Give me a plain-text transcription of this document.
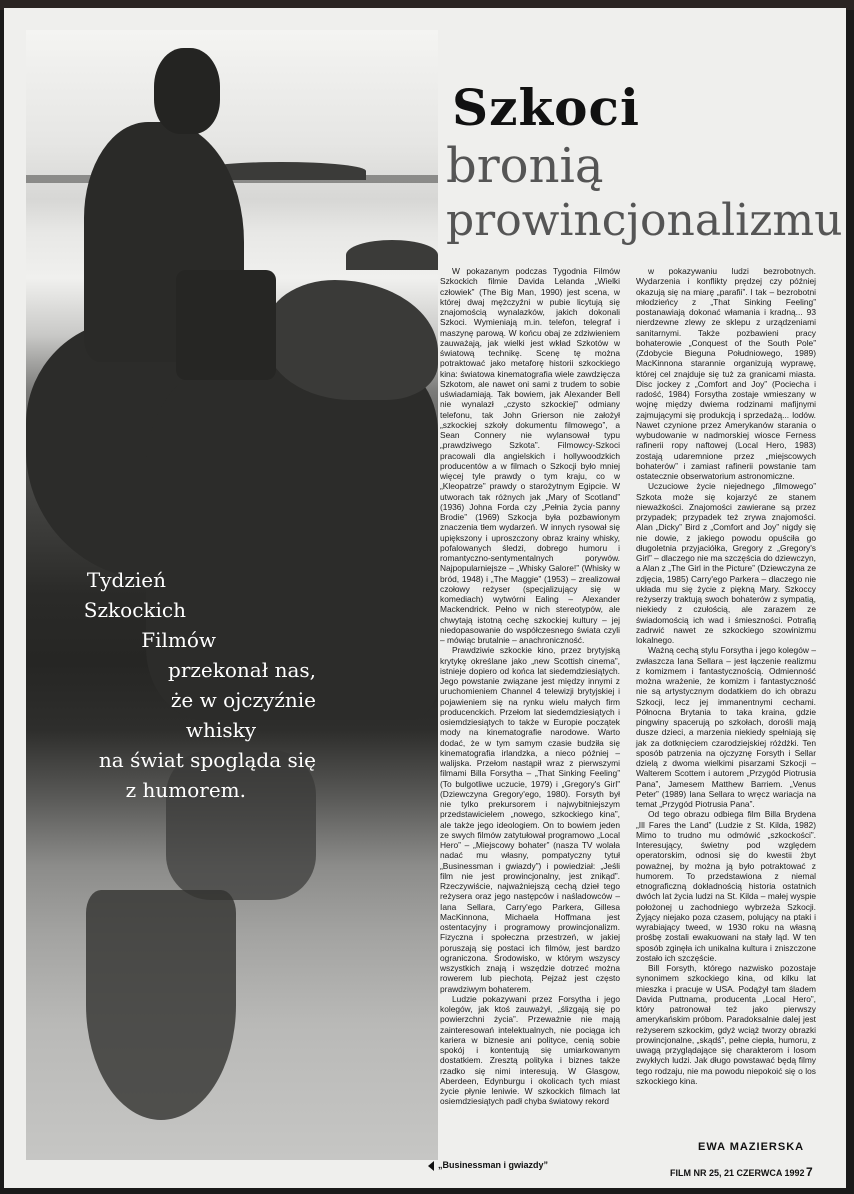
Tydzień
Szkockich
Filmów
przekonał nas,
że w ojczyźnie
whisky
na świat spogląda się
z humorem.
Szkoci
bronią
prowincjonalizmu

W pokazanym podczas Tygodnia Filmów Szkockich filmie Davida Lelanda „Wielki człowiek” (The Big Man, 1990) jest scena, w której dwaj mężczyźni w pubie licytują się znajomością wynalazków, jakich dokonali Szkoci. Wymieniają m.in. telefon, telegraf i maszynę parową. W końcu obaj ze zdziwieniem zauważają, jak wielki jest wkład Szkotów w światową technikę. Scenę tę można potraktować jako metaforę historii szkockiego kina: światowa kinematografia wiele zawdzięcza Szkotom, ale nawet oni sami z trudem to sobie uświadamiają. Tak bowiem, jak Alexander Bell nie wynalazł „czysto szkockiej” odmiany telefonu, tak John Grierson nie założył „szkockiej szkoły dokumentu filmowego”, a Sean Connery nie wylansował typu „prawdziwego Szkota”. Filmowcy-Szkoci pracowali dla angielskich i hollywoodzkich producentów a w filmach o Szkocji było mniej więcej tyle prawdy o tym kraju, co w „Kleopatrze” prawdy o starożytnym Egipcie. W utworach tak różnych jak „Mary of Scotland” (1936) Johna Forda czy „Pełnia życia panny Brodie” (1969) Szkocja była pozbawionym znaczenia tłem wydarzeń. W innych rysował się upiększony i uproszczony obraz krainy whisky, pofalowanych śledzi, dobrego humoru i romantyczno-sentymentalnych porywów. Najpopularniejsze – „Whisky Galore!” (Whisky w bród, 1948) i „The Maggie” (1953) – zrealizował czołowy reżyser (specjalizujący się w komediach) wytwórni Ealing – Alexander Mackendrick. Pełno w nich stereotypów, ale chwytają istotną cechę szkockiej kultury – jej niedopasowanie do współczesnego świata czyli – mówiąc brutalnie – anachroniczność.

Prawdziwie szkockie kino, przez brytyjską krytykę określane jako „new Scottish cinema”, istnieje dopiero od końca lat siedemdziesiątych. Jego powstanie związane jest między innymi z uruchomieniem Channel 4 telewizji brytyjskiej i pojawieniem się na rynku wielu małych firm producenckich. Przełom lat siedemdziesiątych i osiemdziesiątych to także w Europie początek mody na kinematografie narodowe. Warto dodać, że w tym samym czasie budziła się kinematografia irlandzka, a nieco później – walijska. Przełom nastąpił wraz z pierwszymi filmami Billa Forsytha – „That Sinking Feeling” (To bulgotliwe uczucie, 1979) i „Gregory's Girl” (Dziewczyna Gregory'ego, 1980). Forsyth był nie tylko prekursorem i najwybitniejszym przedstawicielem „nowego, szkockiego kina”, ale także jego ideologiem. On to bowiem jeden ze swych filmów zatytułował programowo „Local Hero” – „Miejscowy bohater” (nasza TV wolała nadać mu własny, pompatyczny tytuł „Businessman i gwiazdy”) i powiedział: „Jeśli film nie jest prowincjonalny, jest znikąd”. Rzeczywiście, najważniejszą cechą dzieł tego reżysera oraz jego następców i naśladowców – Iana Sellara, Carry'ego Parkera, Gillesa MacKinnona, Michaela Hoffmana jest ostentacyjny i programowy prowincjonalizm. Fizyczna i społeczna przestrzeń, w jakiej poruszają się postaci ich filmów, jest bardzo ograniczona. Środowisko, w którym wszyscy wszystkich znają i wszędzie dotrzeć można rowerem lub piechotą. Pejzaż jest często prawdziwym bohaterem.

Ludzie pokazywani przez Forsytha i jego kolegów, jak ktoś zauważył, „ślizgają się po powierzchni życia”. Przeważnie nie mają zainteresowań intelektualnych, nie pociąga ich kariera w biznesie ani polityce, cenią sobie spokój i kontentują się umiarkowanym dostatkiem. Zresztą polityka i biznes także rzadko się nimi interesują. W Glasgow, Aberdeen, Edynburgu i okolicach tych miast życie płynie leniwie. W szkockich filmach lat osiemdziesiątych padł chyba światowy rekord

w pokazywaniu ludzi bezrobotnych. Wydarzenia i konflikty prędzej czy później okazują się na miarę „parafii”. I tak – bezrobotni młodzieńcy z „That Sinking Feeling” postanawiają dokonać włamania i kradną... 93 nierdzewne zlewy ze sklepu z urządzeniami sanitarnymi. Także pozbawieni pracy bohaterowie „Conquest of the South Pole” (Zdobycie Bieguna Południowego, 1989) MacKinnona starannie organizują wyprawę, której cel znajduje się tuż za granicami miasta. Disc jockey z „Comfort and Joy” (Pociecha i radość, 1984) Forsytha zostaje wmieszany w wojnę między dwiema rodzinami mafijnymi zajmującymi się produkcją i sprzedażą... lodów. Nawet czynione przez Amerykanów starania o wybudowanie w nadmorskiej wiosce Ferness rafinerii ropy naftowej (Local Hero, 1983) zostają udaremnione przez „miejscowych bohaterów” i zamiast rafinerii powstanie tam ostatecznie obserwatorium astronomiczne.

Uczuciowe życie niejednego „filmowego” Szkota może się kojarzyć ze stanem nieważkości. Znajomości zawierane są przez przypadek; przypadek też zrywa znajomości. Alan „Dicky” Bird z „Comfort and Joy” nigdy się nie dowie, z jakiego powodu opuściła go długoletnia przyjaciółka, Gregory z „Gregory's Girl” – dlaczego nie ma szczęścia do dziewczyn, a Alan z „The Girl in the Picture” (Dziewczyna ze zdjęcia, 1985) Carry'ego Parkera – dlaczego nie układa mu się życie z piękną Mary. Szkoccy reżyserzy traktują swoch bohaterów z sympatią, niekiedy z czułością, ale zarazem ze świadomością ich wad i śmieszności. Potrafią zadrwić nawet ze szkockiego szowinizmu lokalnego.

Ważną cechą stylu Forsytha i jego kolegów – zwłaszcza Iana Sellara – jest łączenie realizmu z komizmem i fantastycznością. Odmienność można wrażenie, że komizm i fantastyczność nie są artystycznym dodatkiem do ich obrazu Szkocji, lecz jej immanentnymi cechami. Północna Brytania to taka kraina, gdzie pingwiny spacerują po szkołach, dorośli mają dusze dzieci, a marzenia niekiedy spełniają się jak za dotknięciem czarodziejskiej różdżki. Ten sposób patrzenia na ojczyznę Forsyth i Sellar dzielą z dwoma wielkimi pisarzami Szkocji – Walterem Scottem i autorem „Przygód Piotrusia Pana”, Jamesem Matthew Barriem. „Venus Peter” (1989) Iana Sellara to wręcz wariacja na temat „Przygód Piotrusia Pana”.

Od tego obrazu odbiega film Billa Brydena „Ill Fares the Land” (Ludzie z St. Kilda, 1982) Mimo to trudno mu odmówić „szkockości”. Interesujący, świetny pod względem operatorskim, odnosi się do kwestii żbyt poważnej, by można ją było potraktować z humorem. To przedstawiona z niemal etnograficzną dokładnością historia ostatnich dwóch lat życia ludzi na St. Kilda – małej wyspie położonej u zachodniego wybrzeża Szkocji. Żyjący niejako poza czasem, polujący na ptaki i wyrabiający tweed, w 1930 roku na własną prośbę zostali ewakuowani na stały ląd. W ten sposób zginęła ich unikalna kultura i zniszczone zostało ich szczęście.

Bill Forsyth, którego nazwisko pozostaje synonimem szkockiego kina, od kilku lat mieszka i pracuje w USA. Podążył tam śladem Davida Puttnama, producenta „Local Hero”, który patronował też jako pierwszy amerykańskim próbom. Paradoksalnie dalej jest reżyserem szkockim, gdyż wciąż tworzy obrazki prowincjonalne, „skądś”, pełne ciepła, humoru, z uwagą przyglądające się charakterom i losom zwykłych ludzi. Jak długo powstawać będą filmy tego rodzaju, nie ma powodu niepokoić się o los szkockiego kina.

EWA MAZIERSKA
„Businessman i gwiazdy”
FILM NR 25, 21 CZERWCA 1992 7
